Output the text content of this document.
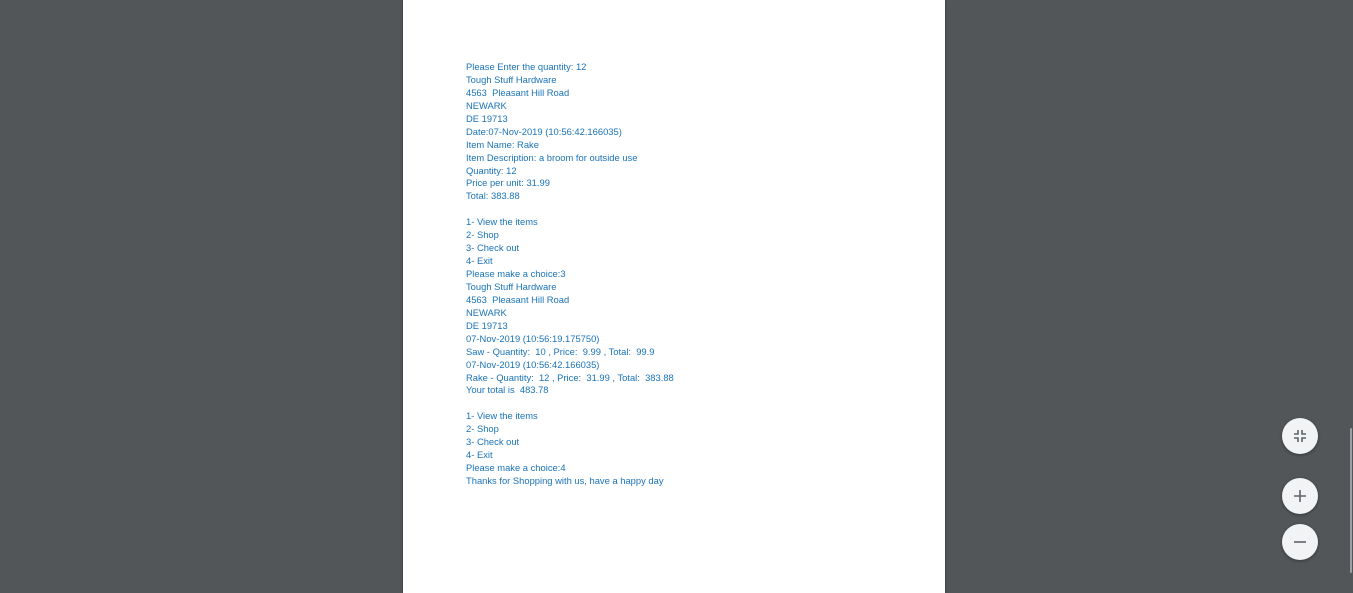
Please Enter the quantity: 12
Tough Stuff Hardware
4563  Pleasant Hill Road
NEWARK
DE 19713
Date:07-Nov-2019 (10:56:42.166035)
Item Name: Rake
Item Description: a broom for outside use
Quantity: 12
Price per unit: 31.99
Total: 383.88
1- View the items
2- Shop
3- Check out
4- Exit
Please make a choice:3
Tough Stuff Hardware
4563  Pleasant Hill Road
NEWARK
DE 19713
07-Nov-2019 (10:56:19.175750)
Saw - Quantity:  10 , Price:  9.99 , Total:  99.9
07-Nov-2019 (10:56:42.166035)
Rake - Quantity:  12 , Price:  31.99 , Total:  383.88
Your total is  483.78
1- View the items
2- Shop
3- Check out
4- Exit
Please make a choice:4
Thanks for Shopping with us, have a happy day
